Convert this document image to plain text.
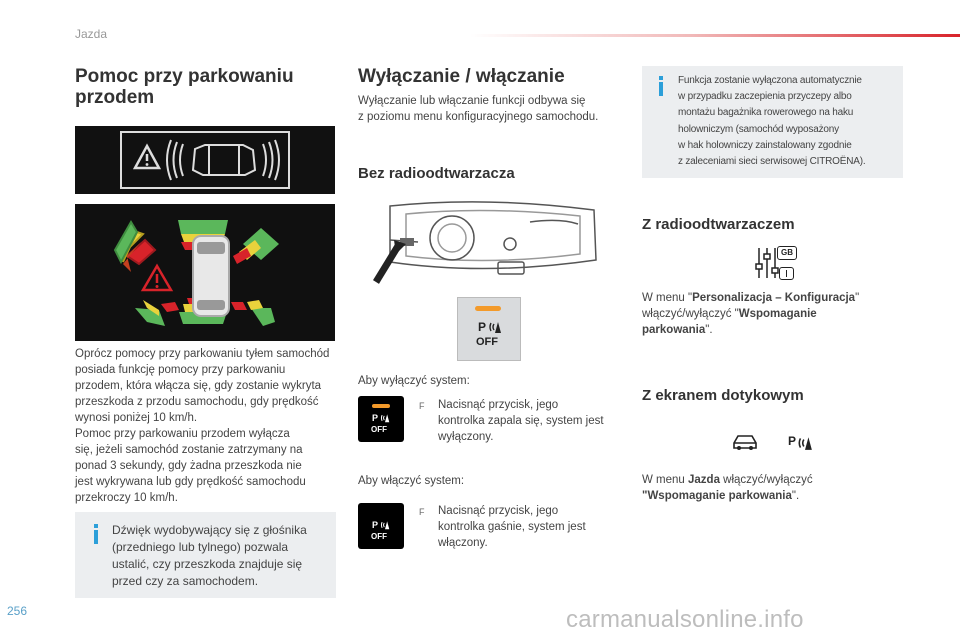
Jazda
Pomoc przy parkowaniu
przodem
Oprócz pomocy przy parkowaniu tyłem samochód
posiada funkcję pomocy przy parkowaniu
przodem, która włącza się, gdy zostanie wykryta
przeszkoda z przodu samochodu, gdy prędkość
wynosi poniżej 10 km/h.
Pomoc przy parkowaniu przodem wyłącza
się, jeżeli samochód zostanie zatrzymany na
ponad 3 sekundy, gdy żadna przeszkoda nie
jest wykrywana lub gdy prędkość samochodu
przekroczy 10 km/h.
Dźwięk wydobywający się z głośnika
(przedniego lub tylnego) pozwala
ustalić, czy przeszkoda znajduje się
przed czy za samochodem.
Wyłączanie / włączanie
Wyłączanie lub włączanie funkcji odbywa się
z poziomu menu konfiguracyjnego samochodu.
Bez radioodtwarzacza
P
OFF
Aby wyłączyć system:
P
OFF
F Nacisnąć przycisk, jego
kontrolka zapala się, system jest
wyłączony.
Aby włączyć system:
P
OFF
F Nacisnąć przycisk, jego
kontrolka gaśnie, system jest
włączony.
Funkcja zostanie wyłączona automatycznie
w przypadku zaczepienia przyczepy albo
montażu bagażnika rowerowego na haku
holowniczym (samochód wyposażony
w hak holowniczy zainstalowany zgodnie
z zaleceniami sieci serwisowej CITROËNA).
Z radioodtwarzaczem
GB
W menu "Personalizacja – Konfiguracja" włączyć/wyłączyć "Wspomaganie
parkowania".
Z ekranem dotykowym
P
W menu Jazda włączyć/wyłączyć
"Wspomaganie parkowania".
256	carmanualsonline.info
